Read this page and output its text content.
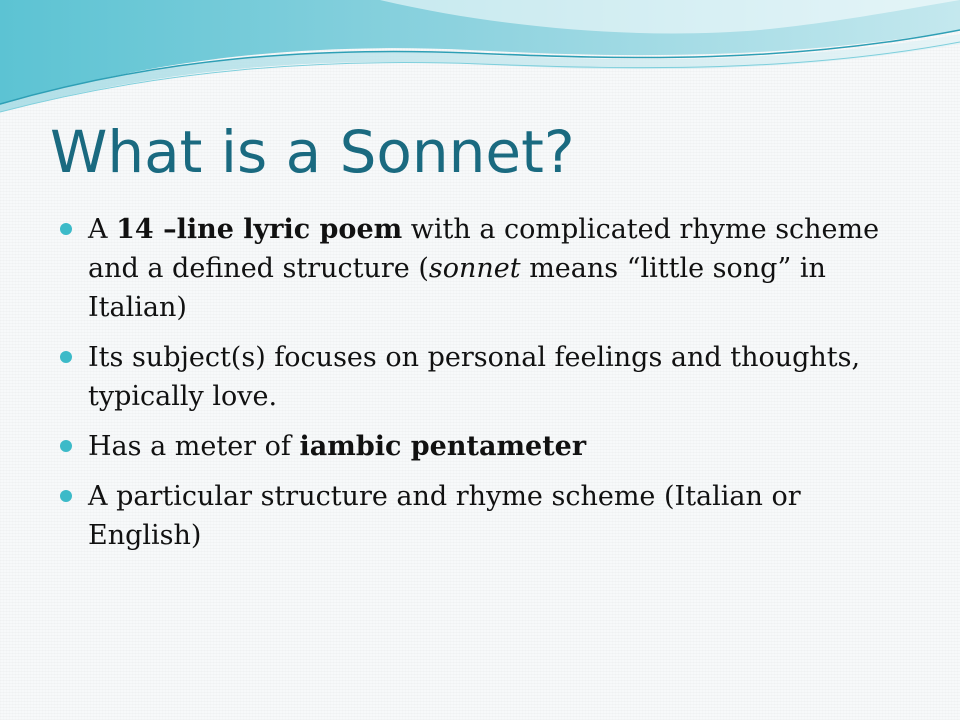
What is a Sonnet?
A 14 –line lyric poem with a complicated rhyme scheme and a defined structure (sonnet means “little song” in Italian)
Its subject(s) focuses on personal feelings and thoughts, typically love.
Has a meter of iambic pentameter
A particular structure and rhyme scheme (Italian or English)
